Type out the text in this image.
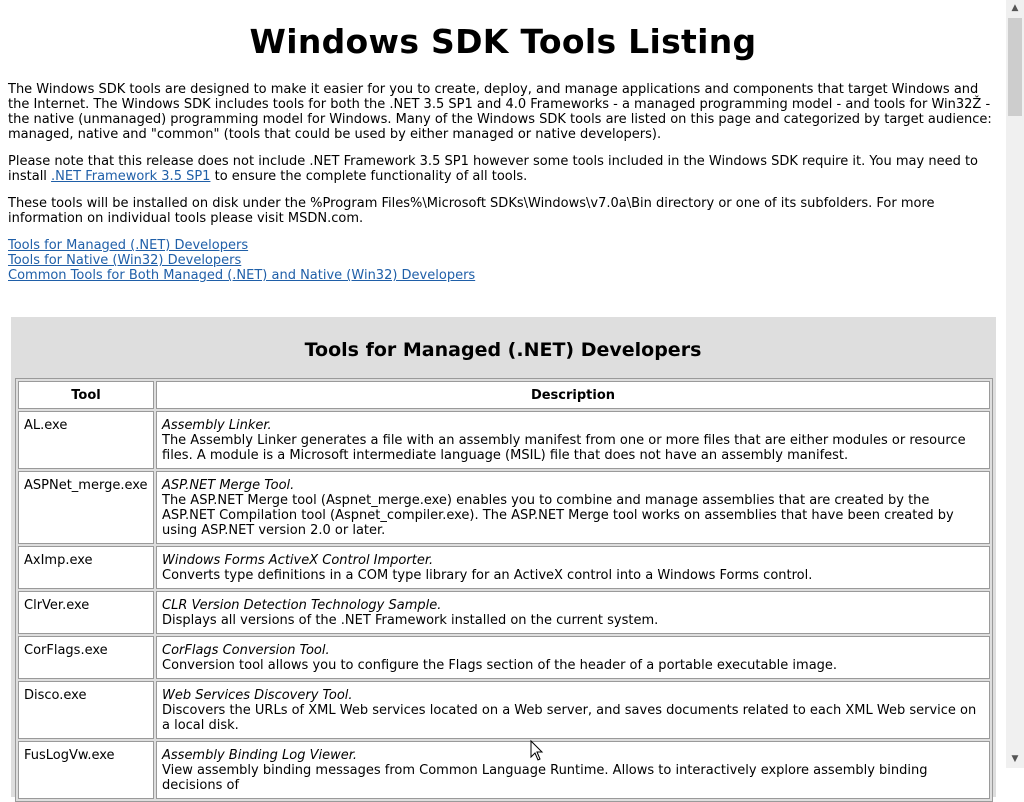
Windows SDK Tools Listing

The Windows SDK tools are designed to make it easier for you to create, deploy, and manage applications and components that target Windows and the Internet. The Windows SDK includes tools for both the .NET 3.5 SP1 and 4.0 Frameworks - a managed programming model - and tools for Win32Ž - the native (unmanaged) programming model for Windows. Many of the Windows SDK tools are listed on this page and categorized by target audience: managed, native and "common" (tools that could be used by either managed or native developers).

Please note that this release does not include .NET Framework 3.5 SP1 however some tools included in the Windows SDK require it. You may need to install .NET Framework 3.5 SP1 to ensure the complete functionality of all tools.

These tools will be installed on disk under the %Program Files%\Microsoft SDKs\Windows\v7.0a\Bin directory or one of its subfolders. For more information on individual tools please visit MSDN.com.

Tools for Managed (.NET) Developers
Tools for Native (Win32) Developers
Common Tools for Both Managed (.NET) and Native (Win32) Developers
Tools for Managed (.NET) Developers
Tool	Description
AL.exe	Assembly Linker.
The Assembly Linker generates a file with an assembly manifest from one or more files that are either modules or resource files. A module is a Microsoft intermediate language (MSIL) file that does not have an assembly manifest.

ASPNet_merge.exe	ASP.NET Merge Tool.
The ASP.NET Merge tool (Aspnet_merge.exe) enables you to combine and manage assemblies that are created by the ASP.NET Compilation tool (Aspnet_compiler.exe). The ASP.NET Merge tool works on assemblies that have been created by using ASP.NET version 2.0 or later.

AxImp.exe	Windows Forms ActiveX Control Importer.
Converts type definitions in a COM type library for an ActiveX control into a Windows Forms control.

ClrVer.exe	CLR Version Detection Technology Sample.
Displays all versions of the .NET Framework installed on the current system.

CorFlags.exe	CorFlags Conversion Tool.
Conversion tool allows you to configure the Flags section of the header of a portable executable image.

Disco.exe	Web Services Discovery Tool.
Discovers the URLs of XML Web services located on a Web server, and saves documents related to each XML Web service on a local disk.

FusLogVw.exe	Assembly Binding Log Viewer.
View assembly binding messages from Common Language Runtime. Allows to interactively explore assembly binding decisions of
▲
▼
